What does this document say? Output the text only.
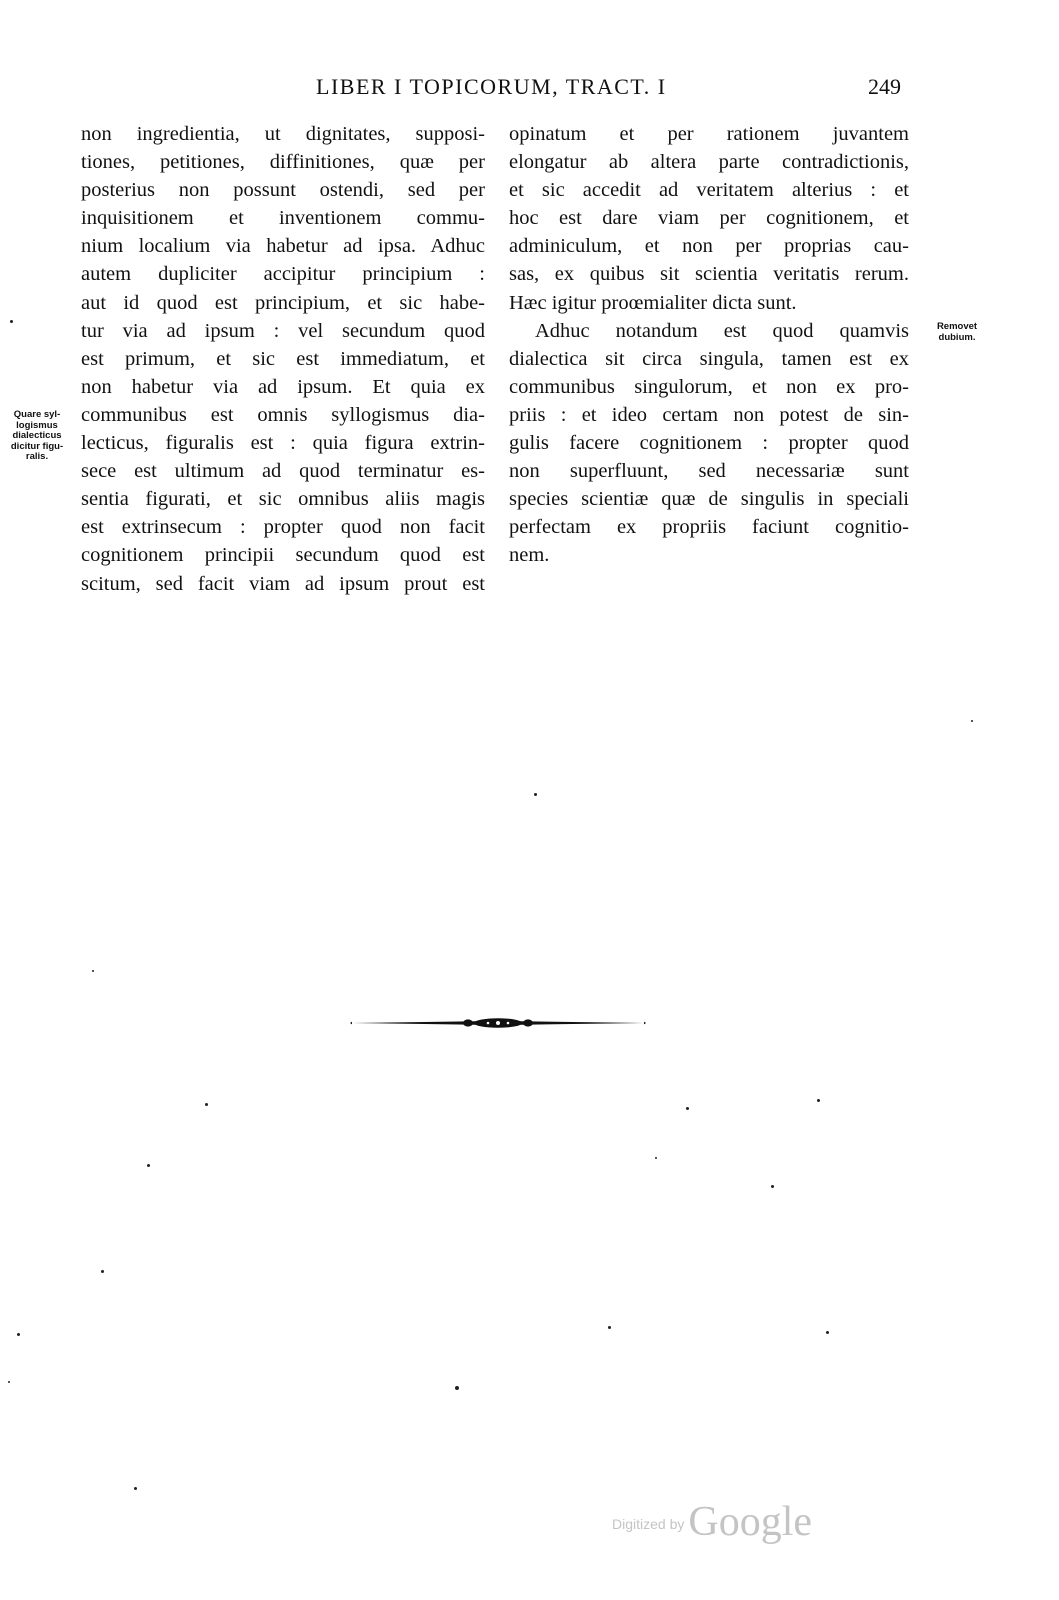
LIBER I TOPICORUM, TRACT. I	249
Quare syl-
logismus
dialecticus
dicitur figu-
ralis.
Removet
dubium.
non ingredientia, ut dignitates, supposi-
tiones, petitiones, diffinitiones, quæ per
posterius non possunt ostendi, sed per
inquisitionem et inventionem commu-
nium localium via habetur ad ipsa. Adhuc
autem dupliciter accipitur principium :
aut id quod est principium, et sic habe-
tur via ad ipsum : vel secundum quod
est primum, et sic est immediatum, et
non habetur via ad ipsum. Et quia ex
communibus est omnis syllogismus dia-
lecticus, figuralis est : quia figura extrin-
sece est ultimum ad quod terminatur es-
sentia figurati, et sic omnibus aliis magis
est extrinsecum : propter quod non facit
cognitionem principii secundum quod est
scitum, sed facit viam ad ipsum prout est
opinatum et per rationem juvantem
elongatur ab altera parte contradictionis,
et sic accedit ad veritatem alterius : et
hoc est dare viam per cognitionem, et
adminiculum, et non per proprias cau-
sas, ex quibus sit scientia veritatis rerum.
Hæc igitur proœmialiter dicta sunt.
Adhuc notandum est quod quamvis
dialectica sit circa singula, tamen est ex
communibus singulorum, et non ex pro-
priis : et ideo certam non potest de sin-
gulis facere cognitionem : propter quod
non superfluunt, sed necessariæ sunt
species scientiæ quæ de singulis in speciali
perfectam ex propriis faciunt cognitio-
nem.
Digitized by Google
